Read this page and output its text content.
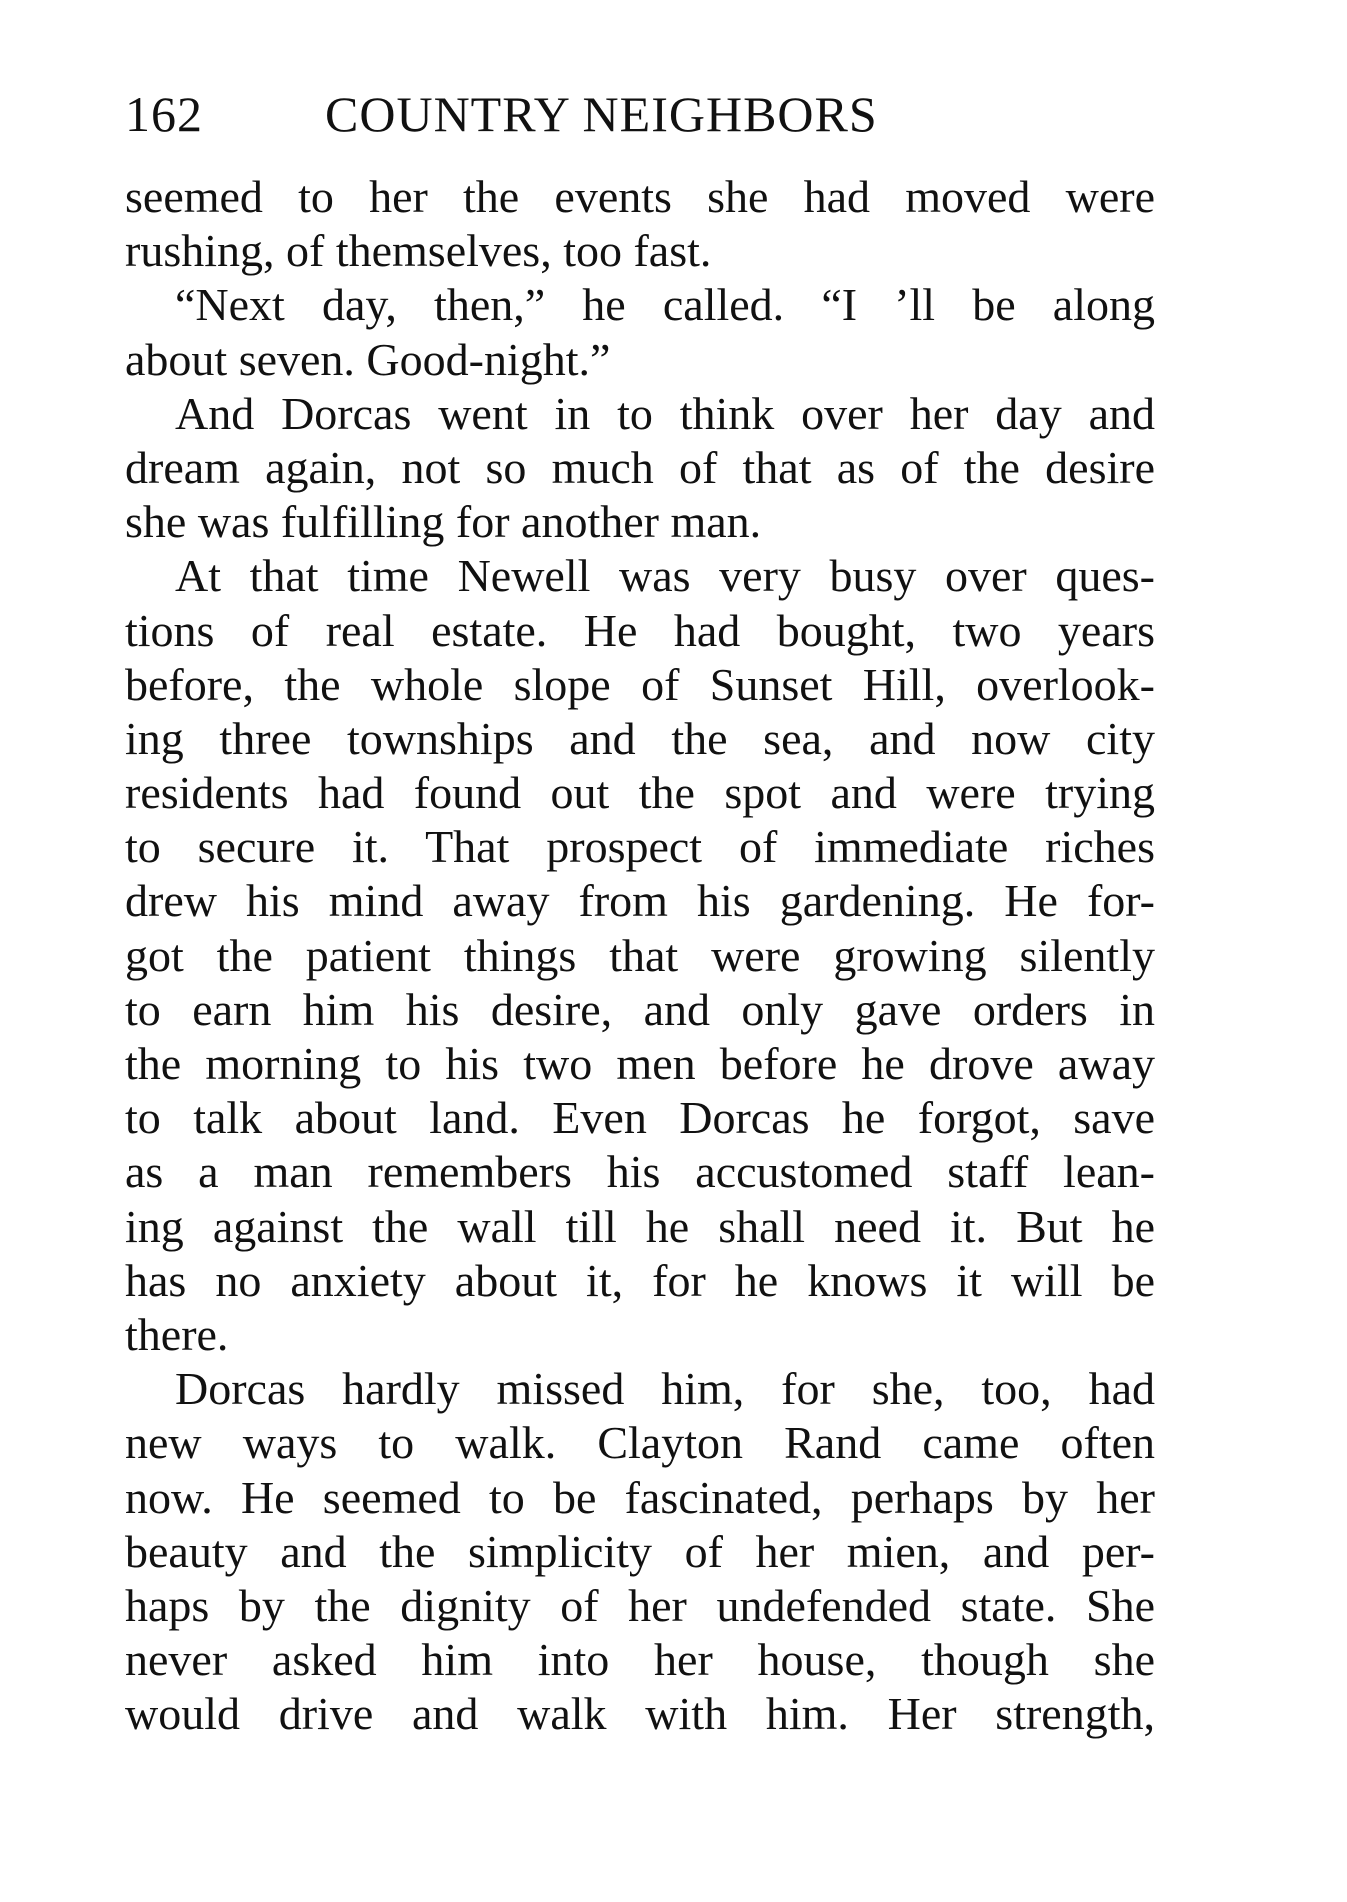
162 COUNTRY NEIGHBORS
seemed to her the events she had moved were
rushing, of themselves, too fast.
“Next day, then,” he called. “I ’ll be along
about seven. Good-night.”
And Dorcas went in to think over her day and
dream again, not so much of that as of the desire
she was fulfilling for another man.
At that time Newell was very busy over ques-
tions of real estate. He had bought, two years
before, the whole slope of Sunset Hill, overlook-
ing three townships and the sea, and now city
residents had found out the spot and were trying
to secure it. That prospect of immediate riches
drew his mind away from his gardening. He for-
got the patient things that were growing silently
to earn him his desire, and only gave orders in
the morning to his two men before he drove away
to talk about land. Even Dorcas he forgot, save
as a man remembers his accustomed staff lean-
ing against the wall till he shall need it. But he
has no anxiety about it, for he knows it will be
there.
Dorcas hardly missed him, for she, too, had
new ways to walk. Clayton Rand came often
now. He seemed to be fascinated, perhaps by her
beauty and the simplicity of her mien, and per-
haps by the dignity of her undefended state. She
never asked him into her house, though she
would drive and walk with him. Her strength,
